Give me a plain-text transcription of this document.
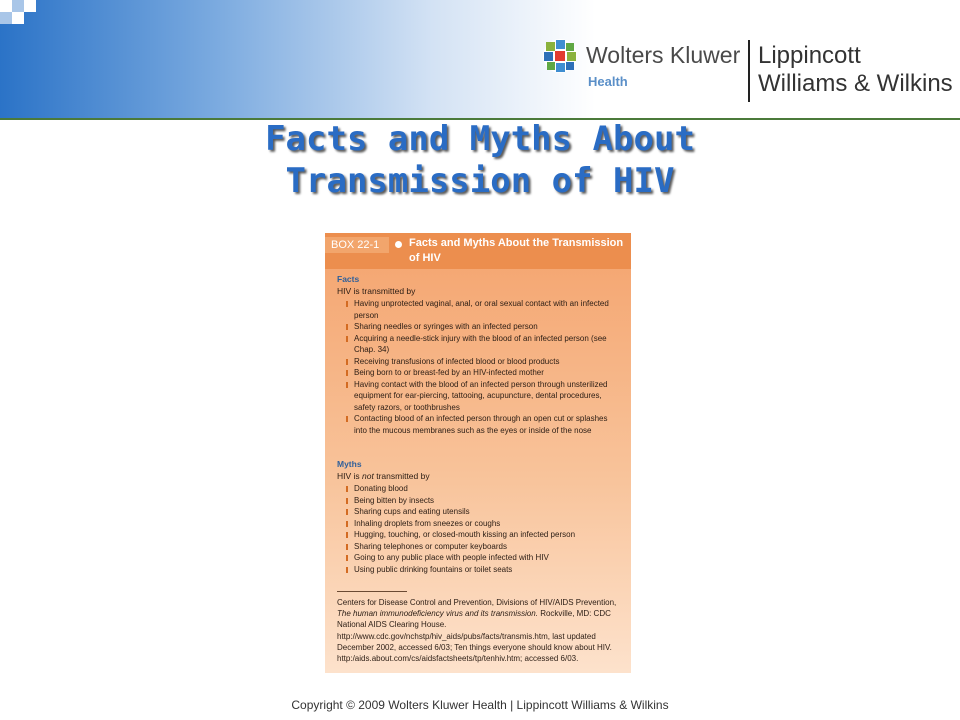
Wolters Kluwer
Health
Lippincott
Williams & Wilkins
Facts and Myths About
Transmission of HIV
BOX 22-1	Facts and Myths About the Transmission of HIV
Facts
HIV is transmitted by
Having unprotected vaginal, anal, or oral sexual contact with an infected person
Sharing needles or syringes with an infected person
Acquiring a needle-stick injury with the blood of an infected person (see Chap. 34)
Receiving transfusions of infected blood or blood products
Being born to or breast-fed by an HIV-infected mother
Having contact with the blood of an infected person through unsterilized equipment for ear-piercing, tattooing, acupuncture, dental procedures, safety razors, or toothbrushes
Contacting blood of an infected person through an open cut or splashes into the mucous membranes such as the eyes or inside of the nose
Myths
HIV is not transmitted by
Donating blood
Being bitten by insects
Sharing cups and eating utensils
Inhaling droplets from sneezes or coughs
Hugging, touching, or closed-mouth kissing an infected person
Sharing telephones or computer keyboards
Going to any public place with people infected with HIV
Using public drinking fountains or toilet seats
Centers for Disease Control and Prevention, Divisions of HIV/AIDS Prevention, The human immunodeficiency virus and its transmission. Rockville, MD: CDC National AIDS Clearing House. http://www.cdc.gov/nchstp/hiv_aids/pubs/facts/transmis.htm, last updated December 2002, accessed 6/03; Ten things everyone should know about HIV. http:/aids.about.com/cs/aidsfactsheets/tp/tenhiv.htm; accessed 6/03.
Copyright © 2009 Wolters Kluwer Health | Lippincott Williams & Wilkins
